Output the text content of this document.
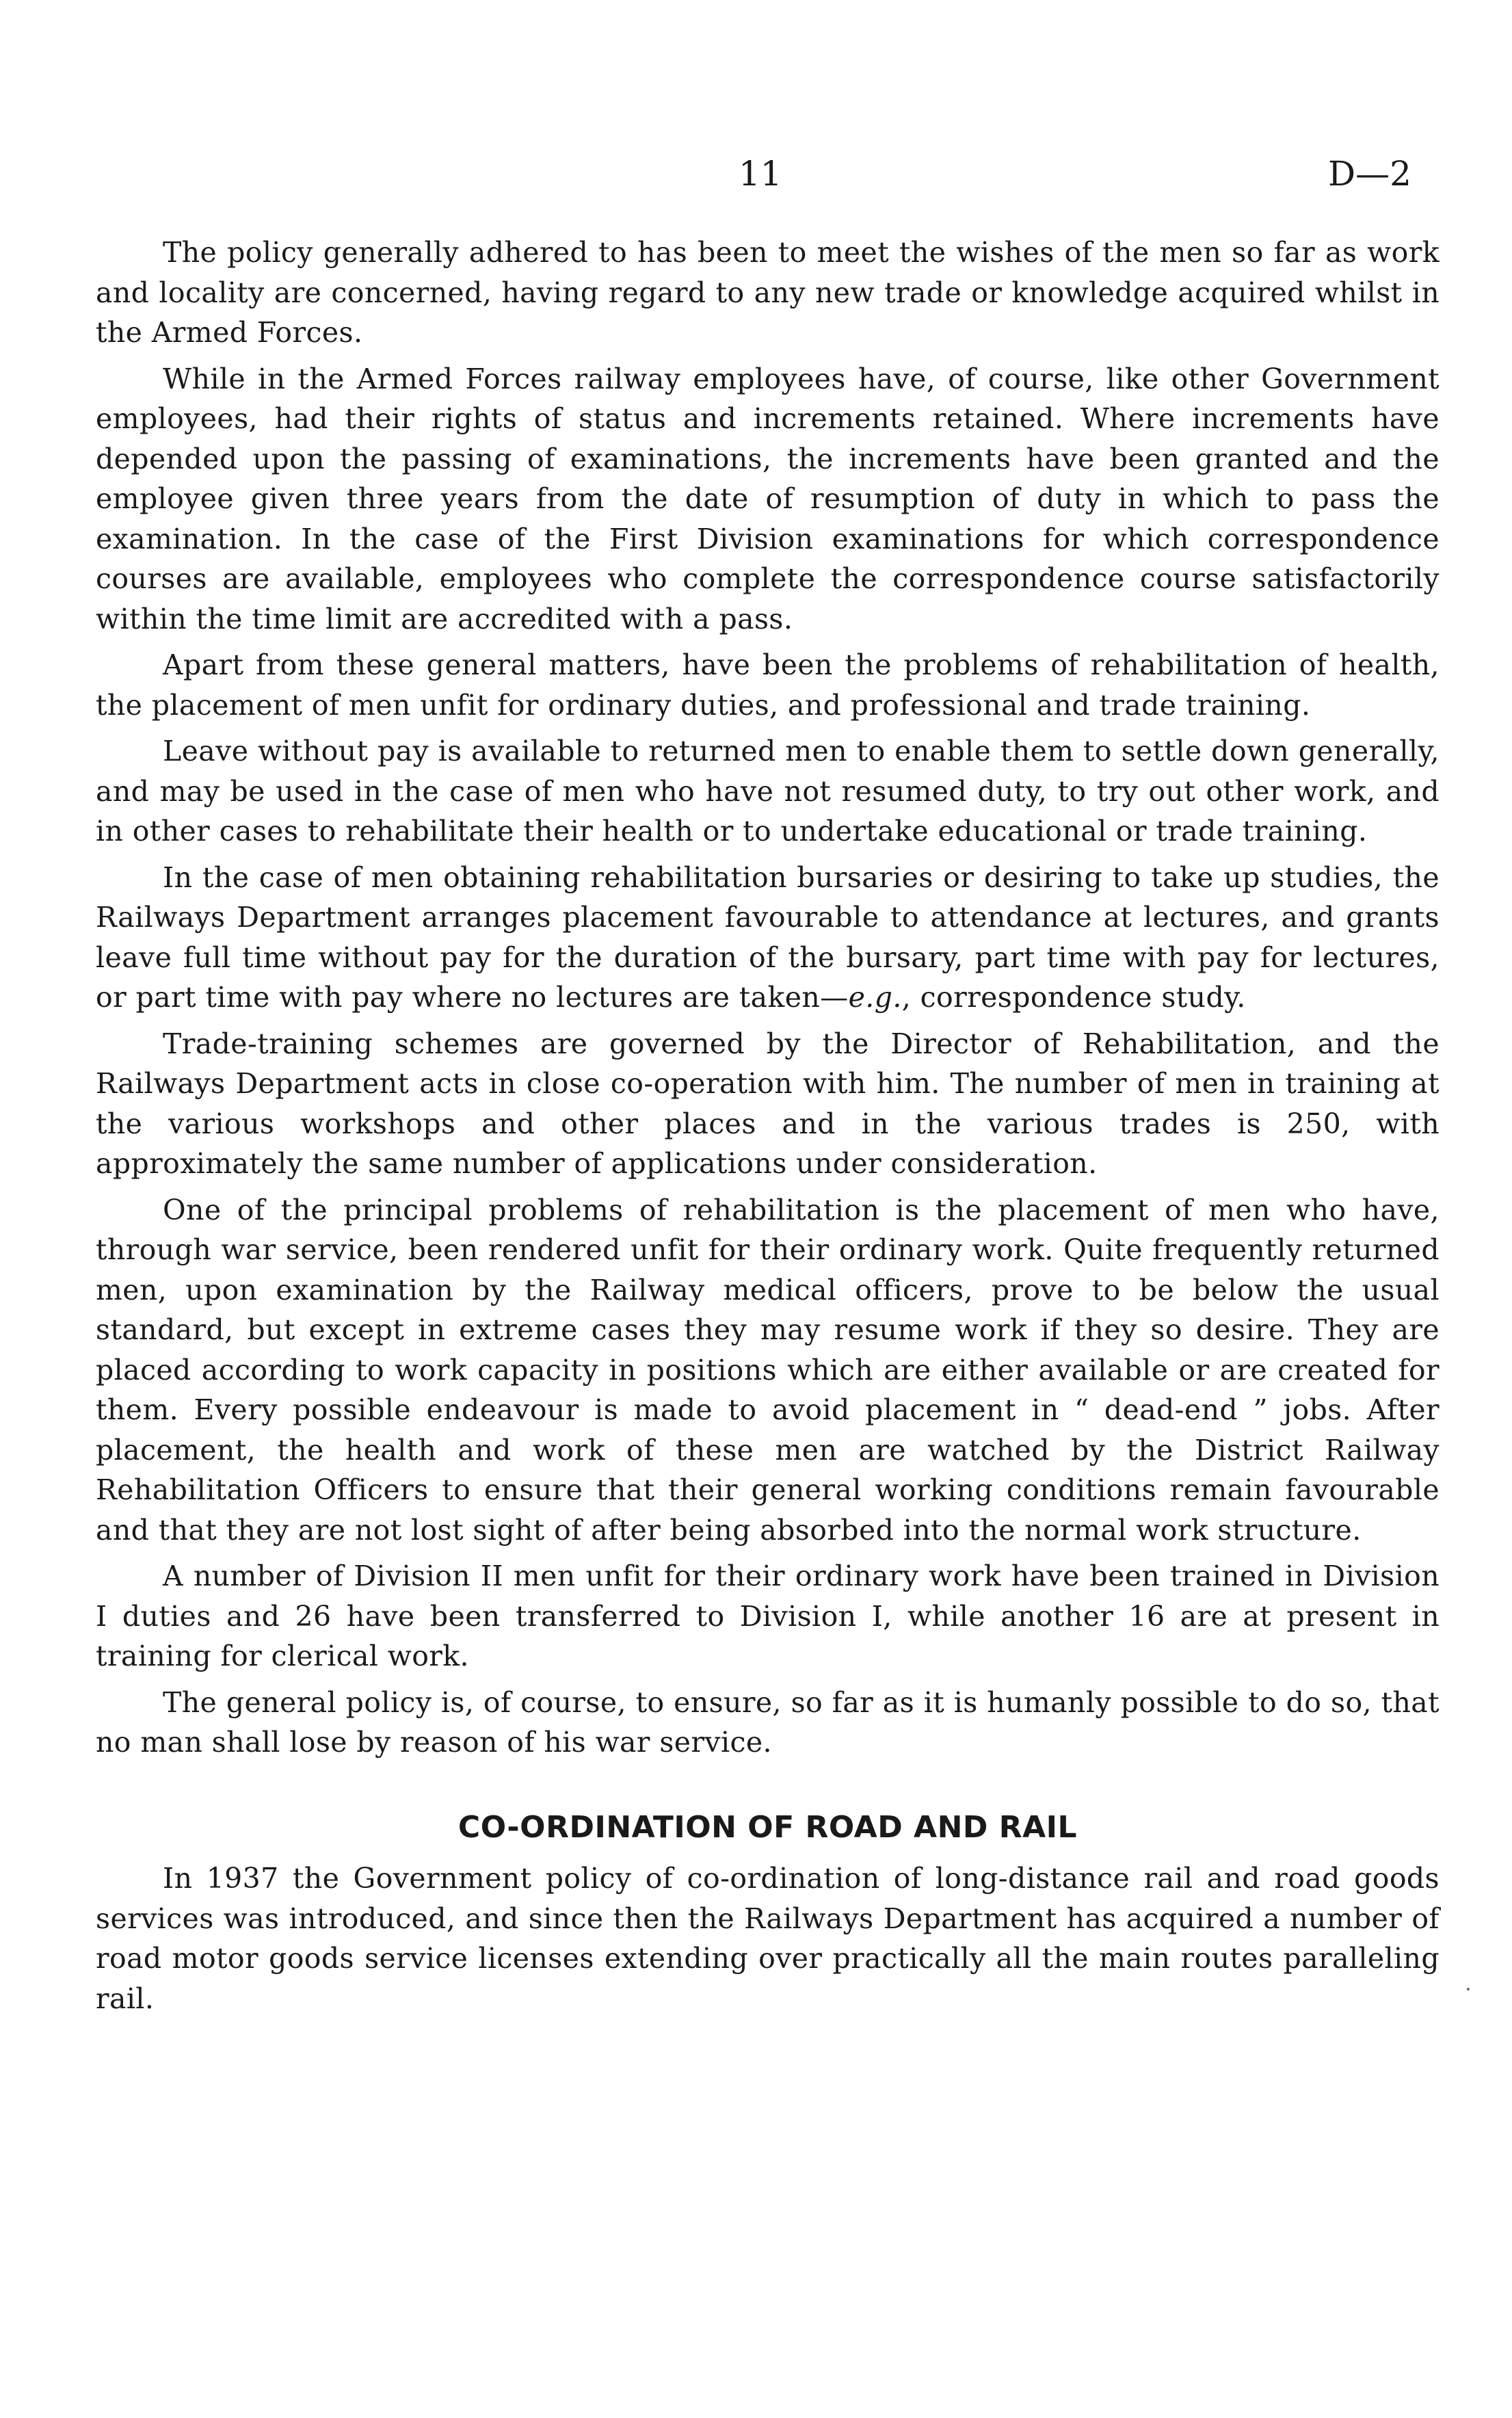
11	D—2

The policy generally adhered to has been to meet the wishes of the men so far as work and locality are concerned, having regard to any new trade or knowledge acquired whilst in the Armed Forces.

While in the Armed Forces railway employees have, of course, like other Government employees, had their rights of status and increments retained. Where increments have depended upon the passing of examinations, the increments have been granted and the employee given three years from the date of resumption of duty in which to pass the examination. In the case of the First Division examinations for which correspondence courses are available, employees who complete the correspondence course satisfactorily within the time limit are accredited with a pass.

Apart from these general matters, have been the problems of rehabilitation of health, the placement of men unfit for ordinary duties, and professional and trade training.

Leave without pay is available to returned men to enable them to settle down generally, and may be used in the case of men who have not resumed duty, to try out other work, and in other cases to rehabilitate their health or to undertake educational or trade training.

In the case of men obtaining rehabilitation bursaries or desiring to take up studies, the Railways Department arranges placement favourable to attendance at lectures, and grants leave full time without pay for the duration of the bursary, part time with pay for lectures, or part time with pay where no lectures are taken—e.g., correspondence study.

Trade-training schemes are governed by the Director of Rehabilitation, and the Railways Department acts in close co-operation with him. The number of men in training at the various workshops and other places and in the various trades is 250, with approximately the same number of applications under consideration.

One of the principal problems of rehabilitation is the placement of men who have, through war service, been rendered unfit for their ordinary work. Quite frequently returned men, upon examination by the Railway medical officers, prove to be below the usual standard, but except in extreme cases they may resume work if they so desire. They are placed according to work capacity in positions which are either available or are created for them. Every possible endeavour is made to avoid placement in “ dead-end ” jobs. After placement, the health and work of these men are watched by the District Railway Rehabilitation Officers to ensure that their general working conditions remain favourable and that they are not lost sight of after being absorbed into the normal work structure.

A number of Division II men unfit for their ordinary work have been trained in Division I duties and 26 have been transferred to Division I, while another 16 are at present in training for clerical work.

The general policy is, of course, to ensure, so far as it is humanly possible to do so, that no man shall lose by reason of his war service.

CO-ORDINATION OF ROAD AND RAIL

In 1937 the Government policy of co-ordination of long-distance rail and road goods services was introduced, and since then the Railways Department has acquired a number of road motor goods service licenses extending over practically all the main routes paralleling rail.
